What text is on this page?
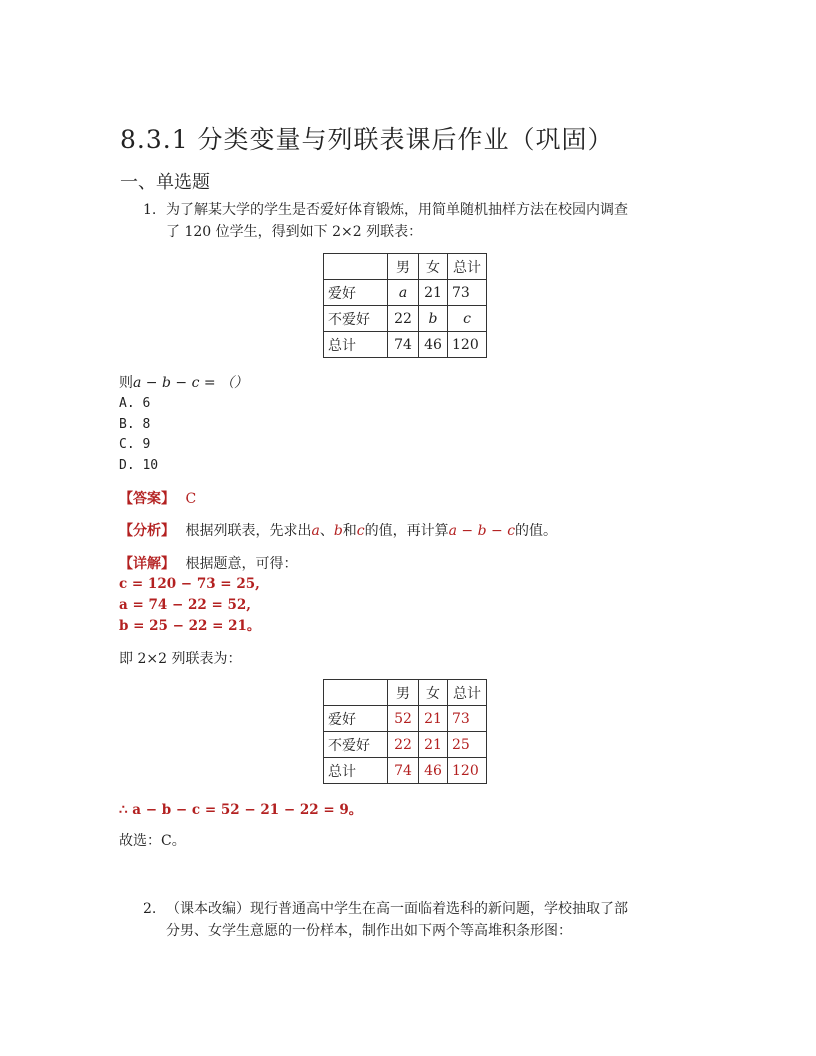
8.3.1 分类变量与列联表课后作业（巩固）
一、单选题
1. 为了解某大学的学生是否爱好体育锻炼，用简单随机抽样方法在校园内调查
了 120 位学生，得到如下 2×2 列联表：
	男	女	总计
爱好	a	21	73
不爱好	22	b	c
总计	74	46	120
则a − b − c = （）
A. 6
B. 8
C. 9
D. 10
【答案】 C
【分析】 根据列联表，先求出a、b和c的值，再计算a − b − c的值。
【详解】 根据题意，可得：
c = 120 − 73 = 25,
a = 74 − 22 = 52,
b = 25 − 22 = 21。
即 2×2 列联表为：
	男	女	总计
爱好	52	21	73
不爱好	22	21	25
总计	74	46	120
∴ a − b − c = 52 − 21 − 22 = 9。
故选：C。
2. （课本改编）现行普通高中学生在高一面临着选科的新问题，学校抽取了部
分男、女学生意愿的一份样本，制作出如下两个等高堆积条形图：
